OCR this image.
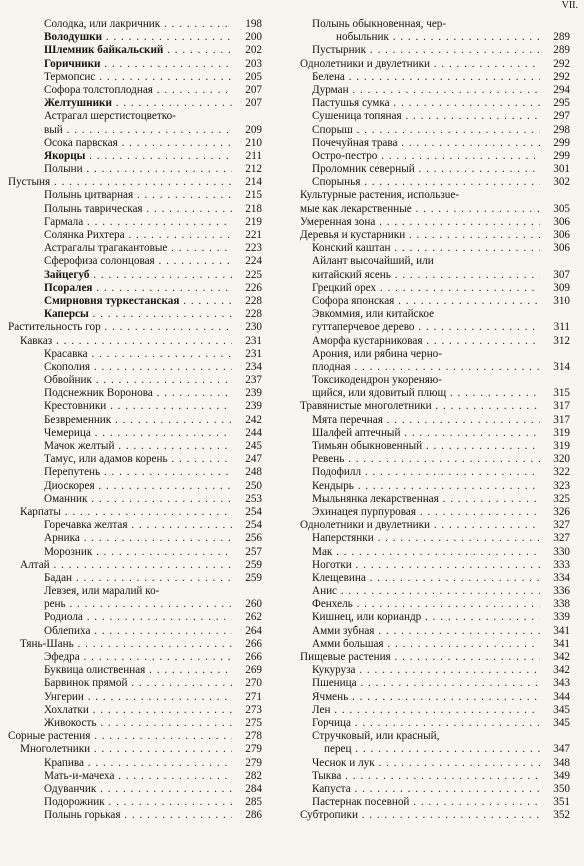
VII.
Солодка, или лакричник . . .	198
Володушки . . .	200
Шлемник байкальский . . .	202
Горичники . . .	203
Термопсис . . .	205
Софора толстоплодная . . .	207
Желтушники . . .	207
Астрагал шерстистоцветко-
вый . . .	209
Осока парвская . . .	210
Якорцы . . .	211
Полыни . . .	212
Пустыня . . .	214
Полынь цитварная . . .	215
Полынь таврическая . . .	218
Гармала . . .	219
Солянка Рихтера . . .	221
Астрагалы трагакантовые . . .	223
Сферофиза солонцовая . . .	224
Зайцегуб . . .	225
Псоралея . . .	226
Смирновия туркестанская . . .	228
Каперсы . . .	228
Растительность гор . . .	230
Кавказ . . .	231
Красавка . . .	231
Скополия . . .	234
Обвойник . . .	237
Подснежник Воронова . . .	239
Крестовники . . .	239
Безвременник . . .	242
Чемерица . . .	244
Мачок желтый . . .	245
Тамус, или адамов корень . . .	247
Перепутень . . .	248
Диоскорея . . .	250
Оманник . . .	253
Карпаты . . .	254
Горечавка желтая . . .	254
Арника . . .	256
Морозник . . .	257
Алтай . . .	259
Бадан . . .	259
Левзея, или маралий ко-
рень . . .	260
Родиола . . .	262
Облепиха . . .	264
Тянь-Шань . . .	266
Эфедра . . .	266
Буквица олиственная . . .	269
Барвинок прямой . . .	270
Унгерии . . .	271
Хохлатки . . .	273
Живокость . . .	275
Сорные растения . . .	278
Многолетники . . .	279
Крапива . . .	279
Мать-и-мачеха . . .	282
Одуванчик . . .	284
Подорожник . . .	285
Полынь горькая . . .	286
Полынь обыкновенная, чер-
нобыльник . . .	289
Пустырник . . .	289
Однолетники и двулетники . . .	292
Белена . . .	292
Дурман . . .	294
Пастушья сумка . . .	295
Сушеница топяная . . .	297
Спорыш . . .	298
Почечуйная трава . . .	299
Остро-пестро . . .	299
Проломник северный . . .	301
Спорынья . . .	302
Культурные растения, использue-
мые как лекарственные . . .	305
Умеренная зона . . .	306
Деревья и кустарники . . .	306
Конский каштан . . .	306
Айлант высочайший, или
китайский ясень . . .	307
Грецкий орех . . .	309
Софора японская . . .	310
Эвкоммия, или китайское
гуттаперчевое дерево . . .	311
Аморфа кустарниковая . . .	312
Арония, или рябина черно-
плодная . . .	314
Токсикодендрон укореняю-
щийся, или ядовитый плющ . . .	315
Травянистые многолетники . . .	317
Мята перечная . . .	317
Шалфей аптечный . . .	319
Тимьян обыкновенный . . .	319
Ревень . . .	320
Подофилл . . .	322
Кендырь . . .	323
Мыльнянка лекарственная . . .	325
Эхинацея пурпуровая . . .	326
Однолетники и двулетники . . .	327
Наперстянки . . .	327
Мак . . .	330
Ноготки . . .	333
Клещевина . . .	334
Анис . . .	336
Фенхель . . .	338
Кишнец, или кориандр . . .	339
Амми зубная . . .	341
Амми большая . . .	341
Пищевые растения . . .	342
Кукуруза . . .	342
Пшеница . . .	343
Ячмень . . .	344
Лен . . .	345
Горчица . . .	345
Стручковый, или красный,
перец . . .	347
Чеснок и лук . . .	348
Тыква . . .	349
Капуста . . .	350
Пастернак посевной . . .	351
Субтропики . . .	352
